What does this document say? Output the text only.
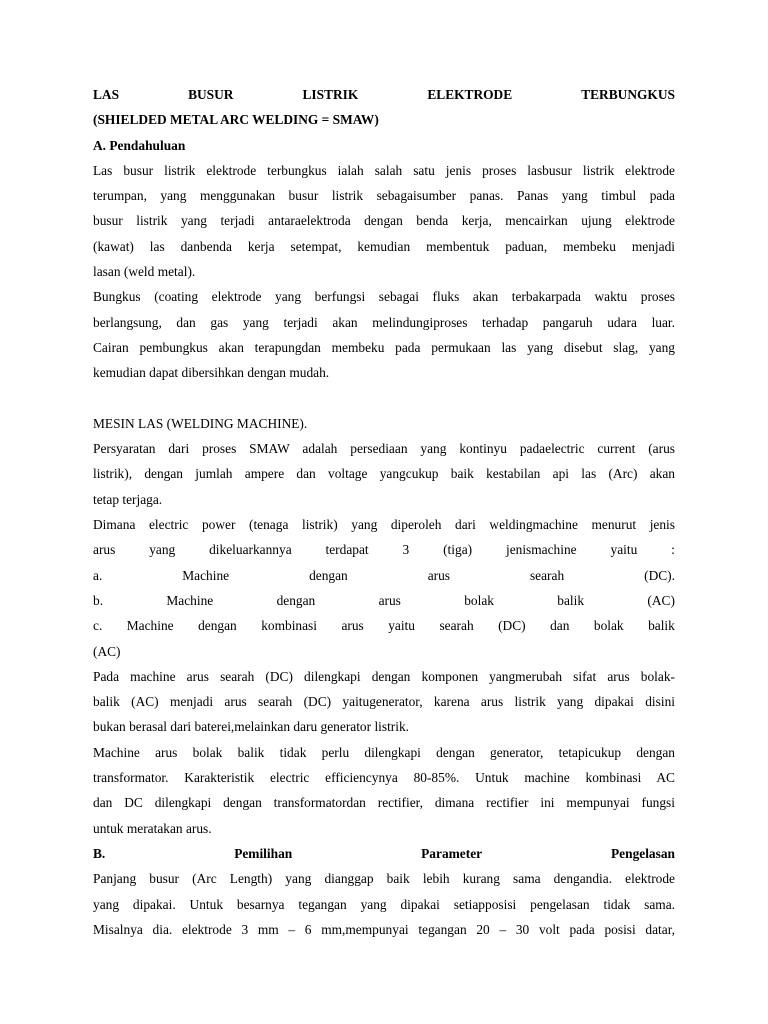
LAS	BUSUR	LISTRIK	ELEKTRODE	TERBUNGKUS
(SHIELDED METAL ARC WELDING = SMAW)
A. Pendahuluan
Las busur listrik elektrode terbungkus ialah salah satu jenis proses lasbusur listrik elektrode
terumpan, yang menggunakan busur listrik sebagaisumber panas. Panas yang timbul pada
busur listrik yang terjadi antaraelektroda dengan benda kerja, mencairkan ujung elektrode
(kawat) las danbenda kerja setempat, kemudian membentuk paduan, membeku menjadi
lasan (weld metal).
Bungkus (coating elektrode yang berfungsi sebagai fluks akan terbakarpada waktu proses
berlangsung, dan gas yang terjadi akan melindungiproses terhadap pangaruh udara luar.
Cairan pembungkus akan terapungdan membeku pada permukaan las yang disebut slag, yang
kemudian dapat dibersihkan dengan mudah.
MESIN LAS (WELDING MACHINE).
Persyaratan dari proses SMAW adalah persediaan yang kontinyu padaelectric current (arus
listrik), dengan jumlah ampere dan voltage yangcukup baik kestabilan api las (Arc) akan
tetap terjaga.
Dimana electric power (tenaga listrik) yang diperoleh dari weldingmachine menurut jenis
arus	yang	dikeluarkannya	terdapat	3	(tiga)	jenismachine	yaitu	:
a.	Machine	dengan	arus	searah	(DC).
b.	Machine	dengan	arus	bolak	balik	(AC)
c. Machine dengan kombinasi arus yaitu searah (DC) dan bolak balik
(AC)
Pada machine arus searah (DC) dilengkapi dengan komponen yangmerubah sifat arus bolak-
balik (AC) menjadi arus searah (DC) yaitugenerator, karena arus listrik yang dipakai disini
bukan berasal dari baterei,melainkan daru generator listrik.
Machine arus bolak balik tidak perlu dilengkapi dengan generator, tetapicukup dengan
transformator. Karakteristik electric efficiencynya 80-85%. Untuk machine kombinasi AC
dan DC dilengkapi dengan transformatordan rectifier, dimana rectifier ini mempunyai fungsi
untuk meratakan arus.
B.	Pemilihan	Parameter	Pengelasan
Panjang busur (Arc Length) yang dianggap baik lebih kurang sama dengandia. elektrode
yang dipakai. Untuk besarnya tegangan yang dipakai setiapposisi pengelasan tidak sama.
Misalnya dia. elektrode 3 mm – 6 mm,mempunyai tegangan 20 – 30 volt pada posisi datar,
